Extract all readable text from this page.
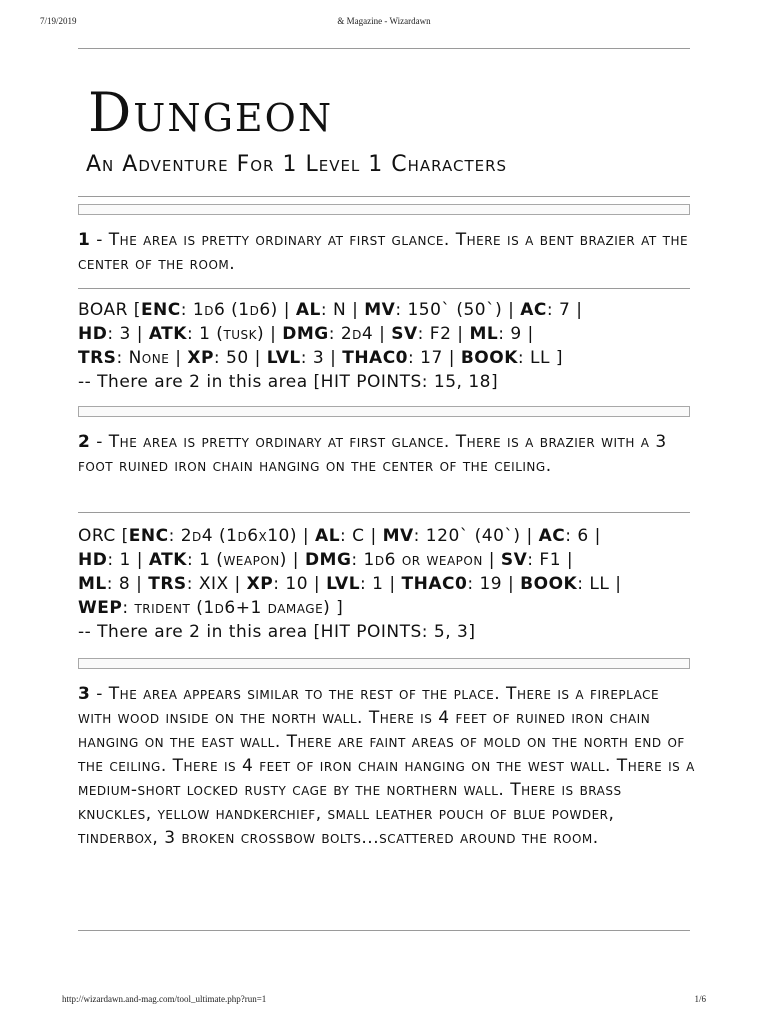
7/19/2019	& Magazine - Wizardawn
Dungeon
An Adventure For 1 Level 1 Characters

1 - The area is pretty ordinary at first glance. There is a bent brazier at the center of the room.

BOAR [ENC: 1d6 (1d6) | AL: N | MV: 150` (50`) | AC: 7 |
HD: 3 | ATK: 1 (tusk) | DMG: 2d4 | SV: F2 | ML: 9 |
TRS: None | XP: 50 | LVL: 3 | THAC0: 17 | BOOK: LL ]
-- There are 2 in this area [HIT POINTS: 15, 18]

2 - The area is pretty ordinary at first glance. There is a brazier with a 3 foot ruined iron chain hanging on the center of the ceiling.

ORC [ENC: 2d4 (1d6x10) | AL: C | MV: 120` (40`) | AC: 6 |
HD: 1 | ATK: 1 (weapon) | DMG: 1d6 or weapon | SV: F1 |
ML: 8 | TRS: XIX | XP: 10 | LVL: 1 | THAC0: 19 | BOOK: LL |
WEP: trident (1d6+1 damage) ]
-- There are 2 in this area [HIT POINTS: 5, 3]

3 - The area appears similar to the rest of the place. There is a fireplace with wood inside on the north wall. There is 4 feet of ruined iron chain hanging on the east wall. There are faint areas of mold on the north end of the ceiling. There is 4 feet of iron chain hanging on the west wall. There is a medium-short locked rusty cage by the northern wall. There is brass knuckles, yellow handkerchief, small leather pouch of blue powder, tinderbox, 3 broken crossbow bolts...scattered around the room.

http://wizardawn.and-mag.com/tool_ultimate.php?run=1	1/6
